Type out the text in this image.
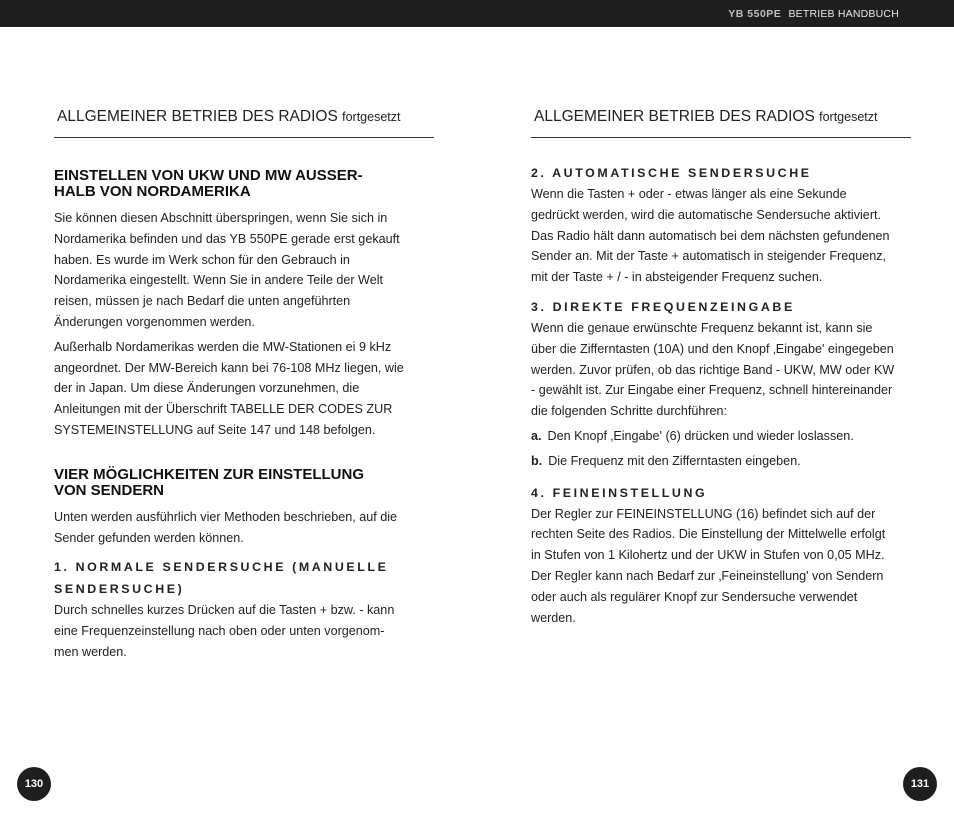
YB 550PE BETRIEB HANDBUCH
ALLGEMEINER BETRIEB DES RADIOS fortgesetzt
EINSTELLEN VON UKW UND MW AUSSER-HALB VON NORDAMERIKA

Sie können diesen Abschnitt überspringen, wenn Sie sich in Nordamerika befinden und das YB 550PE gerade erst gekauft haben. Es wurde im Werk schon für den Gebrauch in Nordamerika eingestellt. Wenn Sie in andere Teile der Welt reisen, müssen je nach Bedarf die unten angeführten Änderungen vorgenommen werden.

Außerhalb Nordamerikas werden die MW-Stationen ei 9 kHz angeordnet. Der MW-Bereich kann bei 76-108 MHz liegen, wie der in Japan. Um diese Änderungen vorzunehmen, die Anleitungen mit der Überschrift TABELLE DER CODES ZUR SYSTEMEINSTELLUNG auf Seite 147 und 148 befolgen.

VIER MÖGLICHKEITEN ZUR EINSTELLUNG VON SENDERN

Unten werden ausführlich vier Methoden beschrieben, auf die Sender gefunden werden können.

1. NORMALE SENDERSUCHE (MANUELLE SENDERSUCHE)

Durch schnelles kurzes Drücken auf die Tasten + bzw. - kann eine Frequenzeinstellung nach oben oder unten vorgenom-men werden.

ALLGEMEINER BETRIEB DES RADIOS fortgesetzt
2. AUTOMATISCHE SENDERSUCHE

Wenn die Tasten + oder - etwas länger als eine Sekunde gedrückt werden, wird die automatische Sendersuche aktiviert. Das Radio hält dann automatisch bei dem nächsten gefundenen Sender an. Mit der Taste + automatisch in steigender Frequenz, mit der Taste + / - in absteigender Frequenz suchen.

3. DIREKTE FREQUENZEINGABE

Wenn die genaue erwünschte Frequenz bekannt ist, kann sie über die Zifferntasten (10A) und den Knopf ‚Eingabe' eingegeben werden. Zuvor prüfen, ob das richtige Band - UKW, MW oder KW - gewählt ist. Zur Eingabe einer Frequenz, schnell hintereinander die folgenden Schritte durchführen:

a. Den Knopf ‚Eingabe' (6) drücken und wieder loslassen.
b. Die Frequenz mit den Zifferntasten eingeben.
4. FEINEINSTELLUNG

Der Regler zur FEINEINSTELLUNG (16) befindet sich auf der rechten Seite des Radios. Die Einstellung der Mittelwelle erfolgt in Stufen von 1 Kilohertz und der UKW in Stufen von 0,05 MHz. Der Regler kann nach Bedarf zur ‚Feineinstellung' von Sendern oder auch als regulärer Knopf zur Sendersuche verwendet werden.

130	131
